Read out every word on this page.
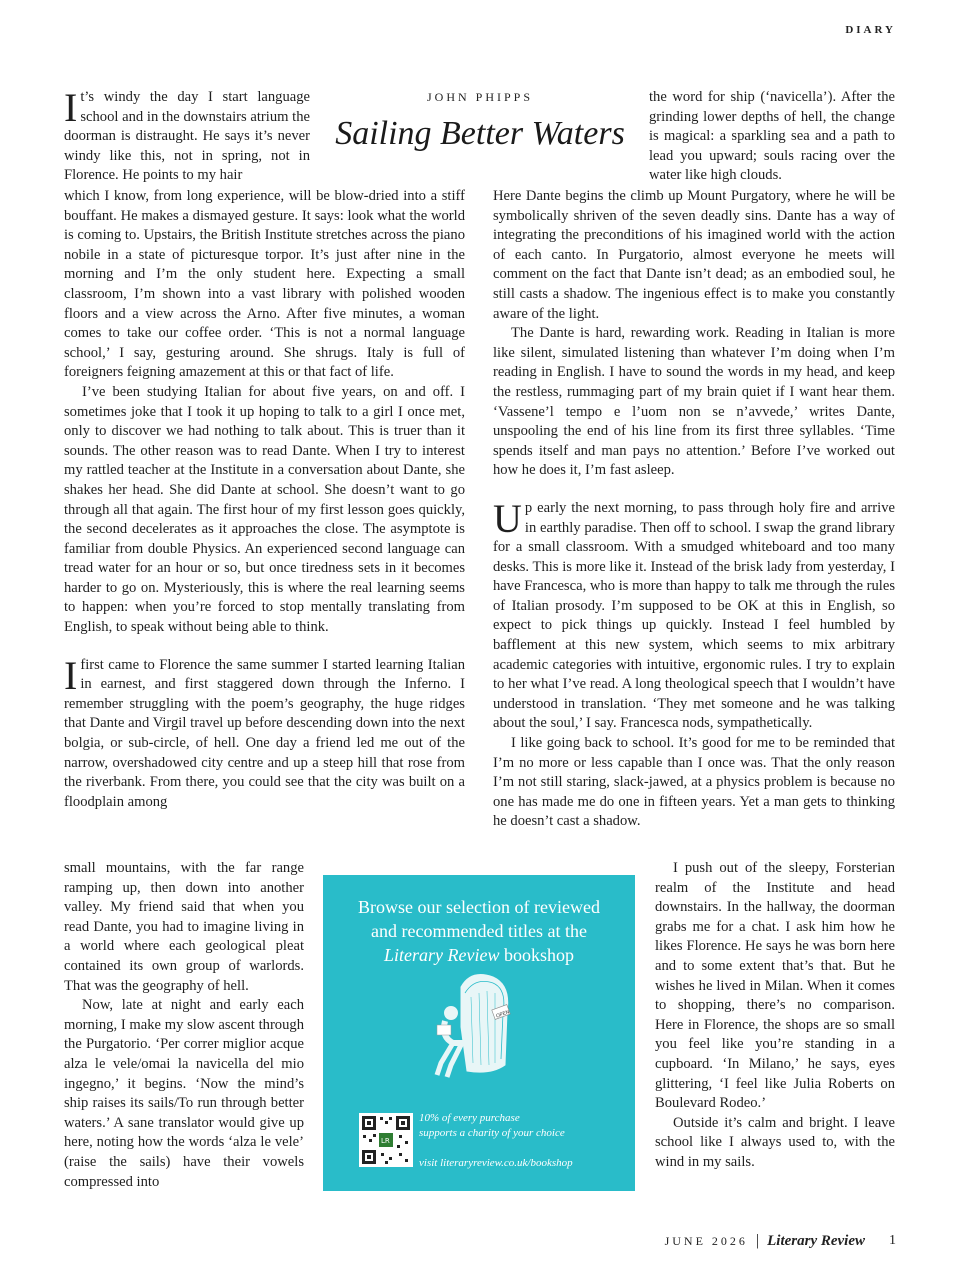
DIARY
JOHN PHIPPS
Sailing Better Waters

It’s windy the day I start language school and in the downstairs atrium the doorman is distraught. He says it’s never windy like this, not in spring, not in Florence. He points to my hair

which I know, from long experience, will be blow-dried into a stiff bouffant. He makes a dismayed gesture. It says: look what the world is coming to. Upstairs, the British Institute stretches across the piano nobile in a state of picturesque torpor. It’s just after nine in the morning and I’m the only student here. Expecting a small classroom, I’m shown into a vast library with polished wooden floors and a view across the Arno. After five minutes, a woman comes to take our coffee order. ‘This is not a normal language school,’ I say, gesturing around. She shrugs. Italy is full of foreigners feigning amazement at this or that fact of life.

I’ve been studying Italian for about five years, on and off. I sometimes joke that I took it up hoping to talk to a girl I once met, only to discover we had nothing to talk about. This is truer than it sounds. The other reason was to read Dante. When I try to interest my rattled teacher at the Institute in a conversation about Dante, she shakes her head. She did Dante at school. She doesn’t want to go through all that again. The first hour of my first lesson goes quickly, the second decelerates as it approaches the close. The asymptote is familiar from double Physics. An experienced second language can tread water for an hour or so, but once tiredness sets in it becomes harder to go on. Mysteriously, this is where the real learning seems to happen: when you’re forced to stop mentally translating from English, to speak without being able to think.

Ifirst came to Florence the same summer I started learning Italian in earnest, and first staggered down through the Inferno. I remember struggling with the poem’s geography, the huge ridges that Dante and Virgil travel up before descending down into the next bolgia, or sub-circle, of hell. One day a friend led me out of the narrow, overshadowed city centre and up a steep hill that rose from the riverbank. From there, you could see that the city was built on a floodplain among

small mountains, with the far range ramping up, then down into another valley. My friend said that when you read Dante, you had to imagine living in a world where each geological pleat contained its own group of warlords. That was the geography of hell.

Now, late at night and early each morning, I make my slow ascent through the Purgatorio. ‘Per correr miglior acque alza le vele/omai la navicella del mio ingegno,’ it begins. ‘Now the mind’s ship raises its sails/To run through better waters.’ A sane translator would give up here, noting how the words ‘alza le vele’ (raise the sails) have their vowels compressed into

the word for ship (‘navicella’). After the grinding lower depths of hell, the change is magical: a sparkling sea and a path to lead you upward; souls racing over the water like high clouds.

Here Dante begins the climb up Mount Purgatory, where he will be symbolically shriven of the seven deadly sins. Dante has a way of integrating the preconditions of his imagined world with the action of each canto. In Purgatorio, almost everyone he meets will comment on the fact that Dante isn’t dead; as an embodied soul, he still casts a shadow. The ingenious effect is to make you constantly aware of the light.

The Dante is hard, rewarding work. Reading in Italian is more like silent, simulated listening than whatever I’m doing when I’m reading in English. I have to sound the words in my head, and keep the restless, rummaging part of my brain quiet if I want hear them. ‘Vassene’l tempo e l’uom non se n’avvede,’ writes Dante, unspooling the end of his line from its first three syllables. ‘Time spends itself and man pays no attention.’ Before I’ve worked out how he does it, I’m fast asleep.

Up early the next morning, to pass through holy fire and arrive in earthly paradise. Then off to school. I swap the grand library for a small classroom. With a smudged whiteboard and too many desks. This is more like it. Instead of the brisk lady from yesterday, I have Francesca, who is more than happy to talk me through the rules of Italian prosody. I’m supposed to be OK at this in English, so expect to pick things up quickly. Instead I feel humbled by bafflement at this new system, which seems to mix arbitrary academic categories with intuitive, ergonomic rules. I try to explain to her what I’ve read. A long theological speech that I wouldn’t have understood in translation. ‘They met someone and he was talking about the soul,’ I say. Francesca nods, sympathetically.

I like going back to school. It’s good for me to be reminded that I’m no more or less capable than I once was. That the only reason I’m not still staring, slack-jawed, at a physics problem is because no one has made me do one in fifteen years. Yet a man gets to thinking he doesn’t cast a shadow.

I push out of the sleepy, Forsterian realm of the Institute and head downstairs. In the hallway, the doorman grabs me for a chat. I ask him how he likes Florence. He says he was born here and to some extent that’s that. But he wishes he lived in Milan. When it comes to shopping, there’s no comparison. Here in Florence, the shops are so small you feel like you’re standing in a cupboard. ‘In Milano,’ he says, eyes glittering, ‘I feel like Julia Roberts on Boulevard Rodeo.’

Outside it’s calm and bright. I leave school like I always used to, with the wind in my sails.

Browse our selection of reviewed
and recommended titles at the
Literary Review bookshop
OPEN
LR
10% of every purchase
supports a charity of your choice
visit literaryreview.co.uk/bookshop
JUNE 2026 | Literary Review 1
